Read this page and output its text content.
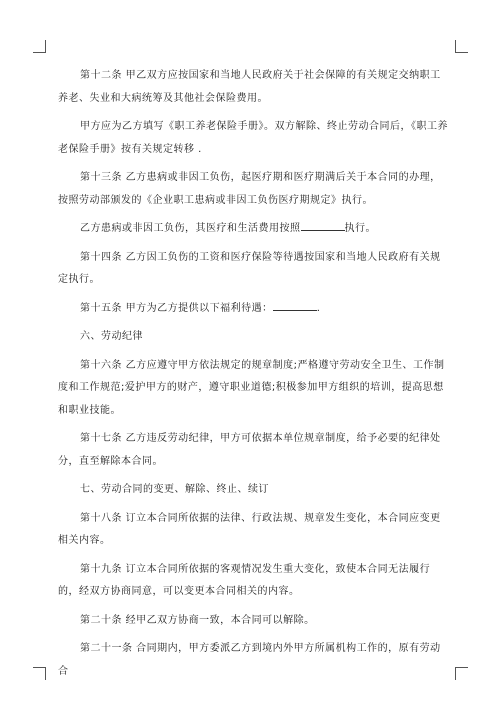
第十二条 甲乙双方应按国家和当地人民政府关于社会保障的有关规定交纳职工养老、失业和大病统筹及其他社会保险费用。

甲方应为乙方填写《职工养老保险手册》。双方解除、终止劳动合同后，《职工养老保险手册》按有关规定转移 .

第十三条 乙方患病或非因工负伤，起医疗期和医疗期满后关于本合同的办理，按照劳动部颁发的《企业职工患病或非因工负伤医疗期规定》执行。

乙方患病或非因工负伤，其医疗和生活费用按照	执行。

第十四条 乙方因工负伤的工资和医疗保险等待遇按国家和当地人民政府有关规定执行。

第十五条 甲方为乙方提供以下福利待遇：	.

六、劳动纪律

第十六条 乙方应遵守甲方依法规定的规章制度;严格遵守劳动安全卫生、工作制度和工作规范;爱护甲方的财产，遵守职业道德;积极参加甲方组织的培训，提高思想和职业技能。

第十七条 乙方违反劳动纪律，甲方可依据本单位规章制度，给予必要的纪律处分，直至解除本合同。

七、劳动合同的变更、解除、终止、续订

第十八条 订立本合同所依据的法律、行政法规、规章发生变化，本合同应变更相关内容。

第十九条 订立本合同所依据的客观情况发生重大变化，致使本合同无法履行的，经双方协商同意，可以变更本合同相关的内容。

第二十条 经甲乙双方协商一致，本合同可以解除。

第二十一条 合同期内，甲方委派乙方到境内外甲方所属机构工作的，原有劳动合
